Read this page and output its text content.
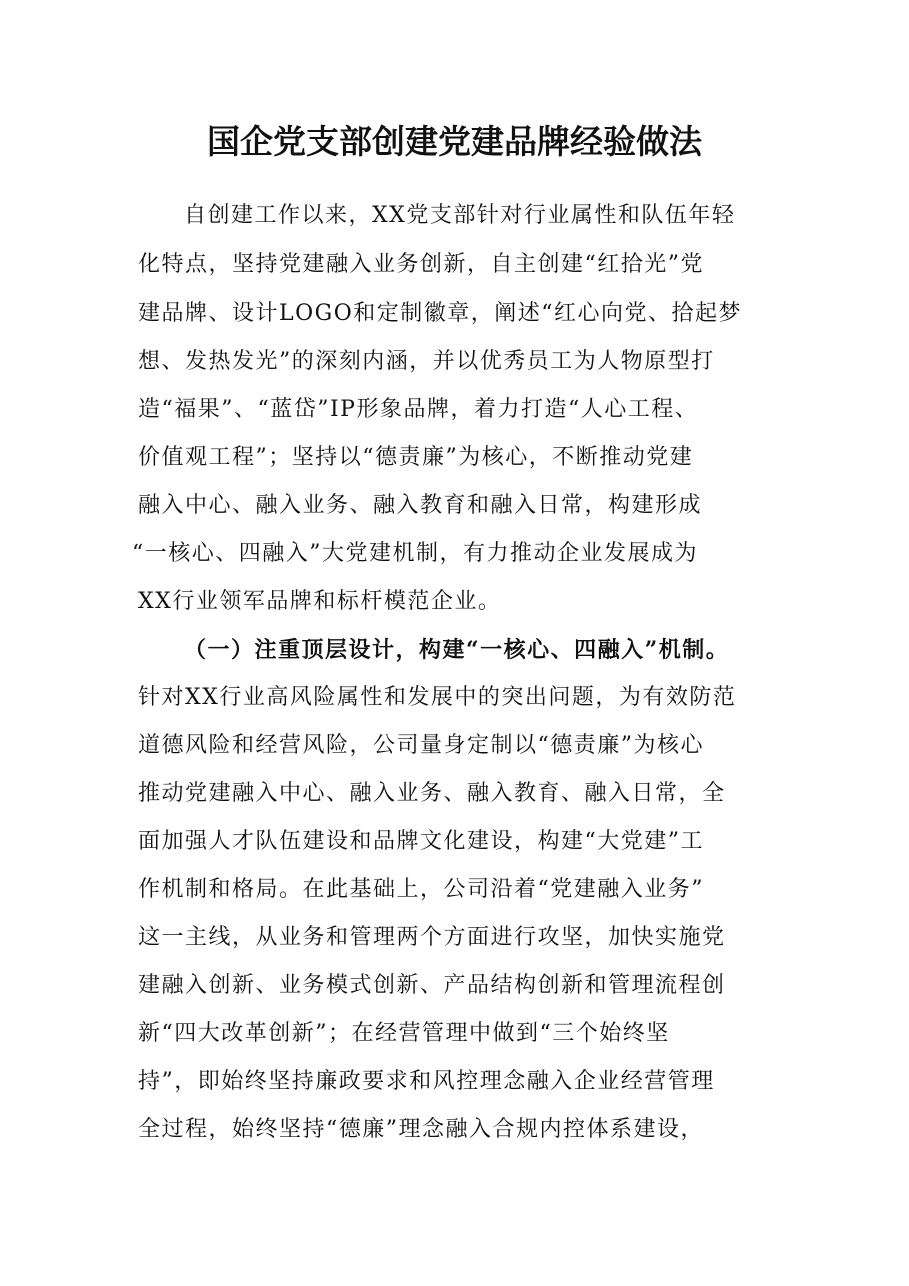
国企党支部创建党建品牌经验做法
自创建工作以来，XX党支部针对行业属性和队伍年轻
化特点，坚持党建融入业务创新，自主创建“红拾光”党
建品牌、设计LOGO和定制徽章，阐述“红心向党、拾起梦
想、发热发光”的深刻内涵，并以优秀员工为人物原型打
造“福果”、“蓝岱”IP形象品牌，着力打造“人心工程、
价值观工程”；坚持以“德责廉”为核心，不断推动党建
融入中心、融入业务、融入教育和融入日常，构建形成
“一核心、四融入”大党建机制，有力推动企业发展成为
XX行业领军品牌和标杆模范企业。
（一）注重顶层设计，构建“一核心、四融入”机制。
针对XX行业高风险属性和发展中的突出问题，为有效防范
道德风险和经营风险，公司量身定制以“德责廉”为核心
推动党建融入中心、融入业务、融入教育、融入日常，全
面加强人才队伍建设和品牌文化建设，构建“大党建”工
作机制和格局。在此基础上，公司沿着“党建融入业务”
这一主线，从业务和管理两个方面进行攻坚，加快实施党
建融入创新、业务模式创新、产品结构创新和管理流程创
新“四大改革创新”；在经营管理中做到“三个始终坚
持”，即始终坚持廉政要求和风控理念融入企业经营管理
全过程，始终坚持“德廉”理念融入合规内控体系建设，
